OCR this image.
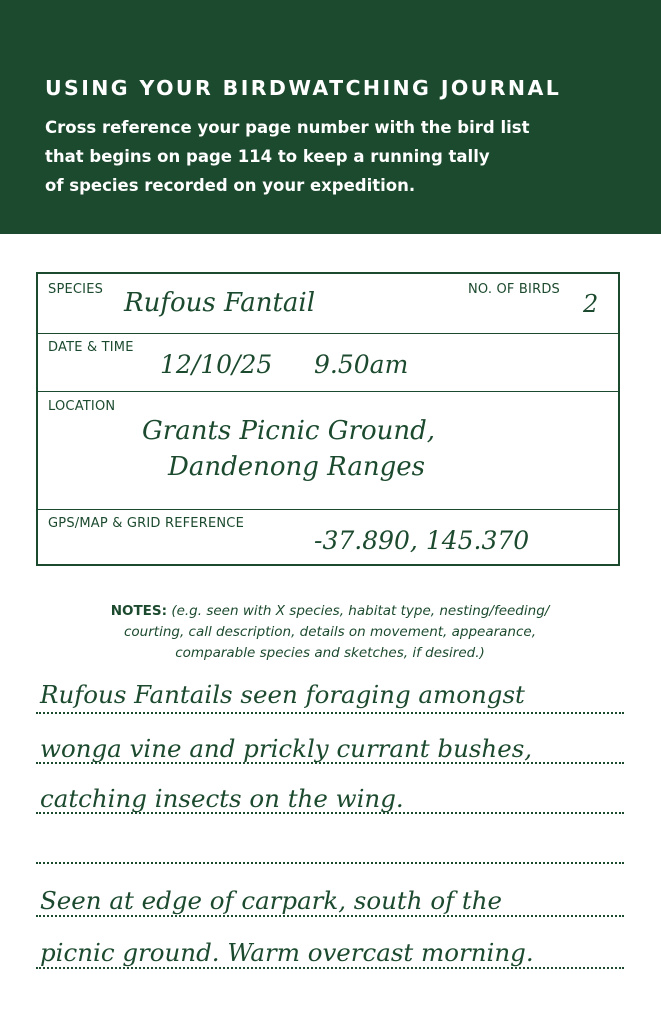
USING YOUR BIRDWATCHING JOURNAL
Cross reference your page number with the bird list
that begins on page 114 to keep a running tally
of species recorded on your expedition.
SPECIES Rufous Fantail	NO. OF BIRDS
2
DATE & TIME
12/10/25 9.50am
LOCATION
Grants Picnic Ground,
Dandenong Ranges
GPS/MAP & GRID REFERENCE
-37.890, 145.370
NOTES: (e.g. seen with X species, habitat type, nesting/feeding/
courting, call description, details on movement, appearance,
comparable species and sketches, if desired.)
Rufous Fantails seen foraging amongst
wonga vine and prickly currant bushes,
catching insects on the wing.
Seen at edge of carpark, south of the
picnic ground. Warm overcast morning.
